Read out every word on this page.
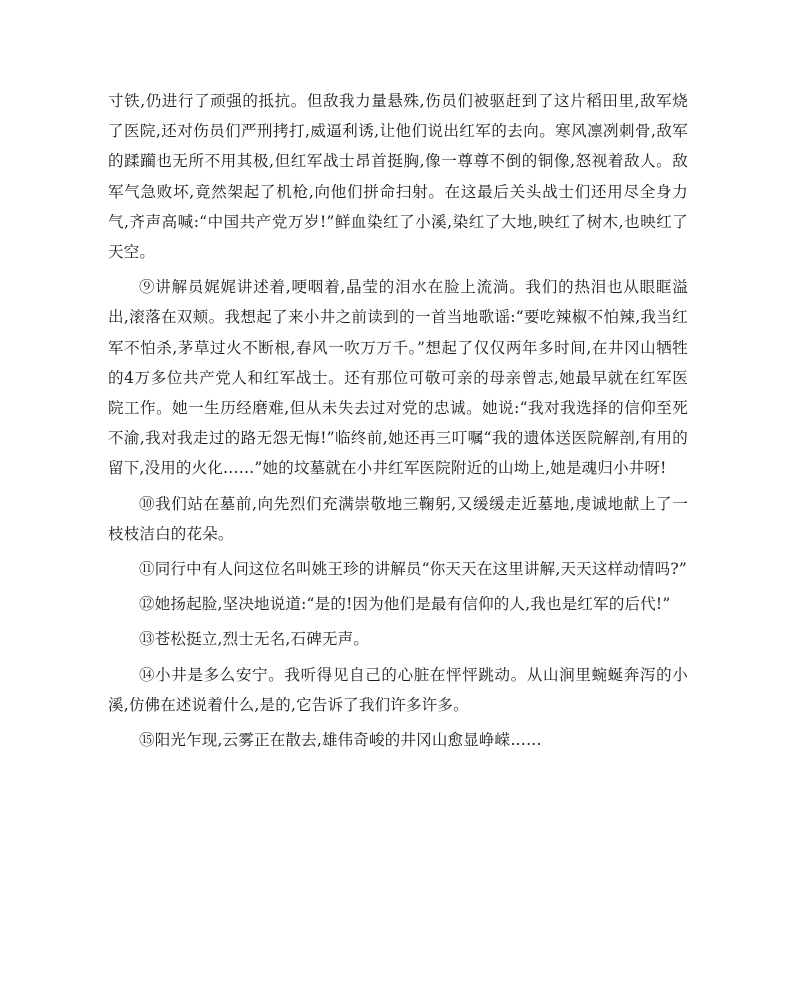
寸铁,仍进行了顽强的抵抗。但敌我力量悬殊,伤员们被驱赶到了这片稻田里,敌军烧了医院,还对伤员们严刑拷打,威逼利诱,让他们说出红军的去向。寒风凛冽刺骨,敌军的蹂躏也无所不用其极,但红军战士昂首挺胸,像一尊尊不倒的铜像,怒视着敌人。敌军气急败坏,竟然架起了机枪,向他们拼命扫射。在这最后关头战士们还用尽全身力气,齐声高喊:“中国共产党万岁!”鲜血染红了小溪,染红了大地,映红了树木,也映红了天空。

⑨讲解员娓娓讲述着,哽咽着,晶莹的泪水在脸上流淌。我们的热泪也从眼眶溢出,滚落在双颊。我想起了来小井之前读到的一首当地歌谣:“要吃辣椒不怕辣,我当红军不怕杀,茅草过火不断根,春风一吹万万千。”想起了仅仅两年多时间,在井冈山牺牲的4万多位共产党人和红军战士。还有那位可敬可亲的母亲曾志,她最早就在红军医院工作。她一生历经磨难,但从未失去过对党的忠诚。她说:“我对我选择的信仰至死不渝,我对我走过的路无怨无悔!”临终前,她还再三叮嘱“我的遗体送医院解剖,有用的留下,没用的火化……”她的坟墓就在小井红军医院附近的山坳上,她是魂归小井呀!

⑩我们站在墓前,向先烈们充满崇敬地三鞠躬,又缓缓走近墓地,虔诚地献上了一枝枝洁白的花朵。

⑪同行中有人问这位名叫姚王珍的讲解员“你天天在这里讲解,天天这样动情吗?”

⑫她扬起脸,坚决地说道:“是的!因为他们是最有信仰的人,我也是红军的后代!”

⑬苍松挺立,烈士无名,石碑无声。

⑭小井是多么安宁。我听得见自己的心脏在怦怦跳动。从山涧里蜿蜒奔泻的小溪,仿佛在述说着什么,是的,它告诉了我们许多许多。

⑮阳光乍现,云雾正在散去,雄伟奇峻的井冈山愈显峥嵘……
